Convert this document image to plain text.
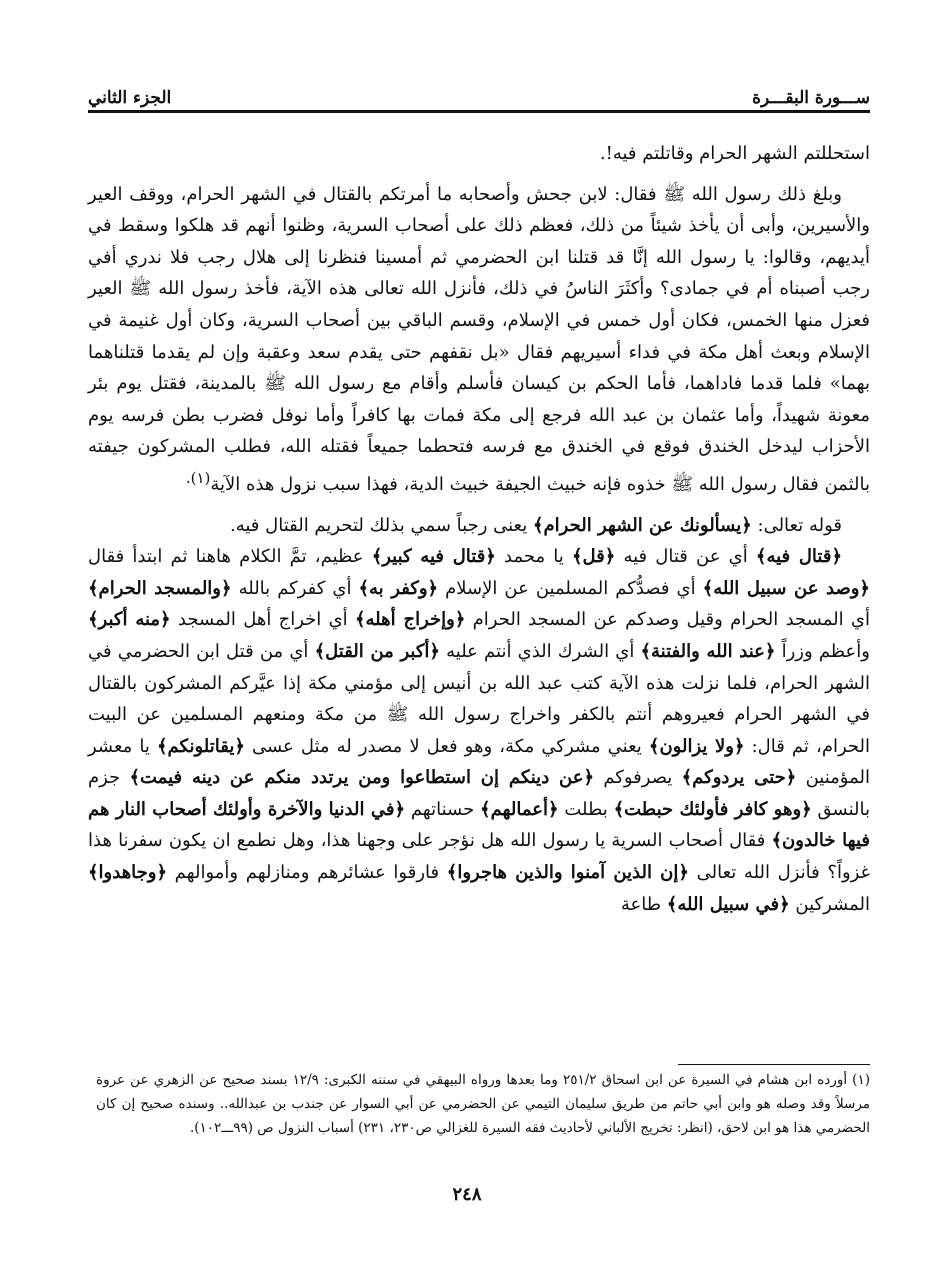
ســـورة البقـــرة
الجزء الثاني

استحللتم الشهر الحرام وقاتلتم فيه!.

وبلغ ذلك رسول الله ﷺ فقال: لابن جحش وأصحابه ما أمرتكم بالقتال في الشهر الحرام، ووقف العير والأسيرين، وأبى أن يأخذ شيئاً من ذلك، فعظم ذلك على أصحاب السرية، وظنوا أنهم قد هلكوا وسقط في أيديهم، وقالوا: يا رسول الله إنَّا قد قتلنا ابن الحضرمي ثم أمسينا فنظرنا إلى هلال رجب فلا ندري أفي رجب أصبناه أم في جمادى؟ وأكثَرَ الناسُ في ذلك، فأنزل الله تعالى هذه الآية، فأخذ رسول الله ﷺ العير فعزل منها الخمس، فكان أول خمس في الإسلام، وقسم الباقي بين أصحاب السرية، وكان أول غنيمة في الإسلام وبعث أهل مكة في فداء أسيريهم فقال «بل نقفهم حتى يقدم سعد وعقبة وإن لم يقدما قتلناهما بهما» فلما قدما فاداهما، فأما الحكم بن كيسان فأسلم وأقام مع رسول الله ﷺ بالمدينة، فقتل يوم بئر معونة شهيداً، وأما عثمان بن عبد الله فرجع إلى مكة فمات بها كافراً وأما نوفل فضرب بطن فرسه يوم الأحزاب ليدخل الخندق فوقع في الخندق مع فرسه فتحطما جميعاً فقتله الله، فطلب المشركون جيفته بالثمن فقال رسول الله ﷺ خذوه فإنه خبيث الجيفة خبيث الدية، فهذا سبب نزول هذه الآية$^{(١).}$

قوله تعالى: ﴿يسألونك عن الشهر الحرام﴾ يعنى رجباً سمي بذلك لتحريم القتال فيه.

﴿قتال فيه﴾ أي عن قتال فيه ﴿قل﴾ يا محمد ﴿قتال فيه كبير﴾ عظيم، تمَّ الكلام هاهنا ثم ابتدأ فقال ﴿وصد عن سبيل الله﴾ أي فصدُّكم المسلمين عن الإسلام ﴿وكفر به﴾ أي كفركم بالله ﴿والمسجد الحرام﴾ أي المسجد الحرام وقيل وصدكم عن المسجد الحرام ﴿وإخراج أهله﴾ أي اخراج أهل المسجد ﴿منه أكبر﴾ وأعظم وزراً ﴿عند الله والفتنة﴾ أي الشرك الذي أنتم عليه ﴿أكبر من القتل﴾ أي من قتل ابن الحضرمي في الشهر الحرام، فلما نزلت هذه الآية كتب عبد الله بن أنيس إلى مؤمني مكة إذا عيَّركم المشركون بالقتال في الشهر الحرام فعيروهم أنتم بالكفر واخراج رسول الله ﷺ من مكة ومنعهم المسلمين عن البيت الحرام، ثم قال: ﴿ولا يزالون﴾ يعني مشركي مكة، وهو فعل لا مصدر له مثل عسى ﴿يقاتلونكم﴾ يا معشر المؤمنين ﴿حتى يردوكم﴾ يصرفوكم ﴿عن دينكم إن استطاعوا ومن يرتدد منكم عن دينه فيمت﴾ جزم بالنسق ﴿وهو كافر فأولئك حبطت﴾ بطلت ﴿أعمالهم﴾ حسناتهم ﴿في الدنيا والآخرة وأولئك أصحاب النار هم فيها خالدون﴾ فقال أصحاب السرية يا رسول الله هل نؤجر على وجهنا هذا، وهل نطمع ان يكون سفرنا هذا غزواً؟ فأنزل الله تعالى ﴿إن الذين آمنوا والذين هاجروا﴾ فارقوا عشائرهم ومنازلهم وأموالهم ﴿وجاهدوا﴾ المشركين ﴿في سبيل الله﴾ طاعة

(١) أورده ابن هشام في السيرة عن ابن اسحاق ٢٥١/٢ وما بعدها ورواه البيهقي في سننه الكبرى: ١٢/٩ بسند صحيح عن الزهري عن عروة مرسلاً وقد وصله هو وابن أبي حاتم من طريق سليمان التيمي عن الحضرمي عن أبي السوار عن جندب بن عبدالله.. وسنده صحيح إن كان الحضرمي هذا هو ابن لاحق، (انظر: تخريج الألباني لأحاديث فقه السيرة للغزالي ص٢٣٠، ٢٣١) أسباب النزول ص (٩٩ـــ١٠٢).

٢٤٨
